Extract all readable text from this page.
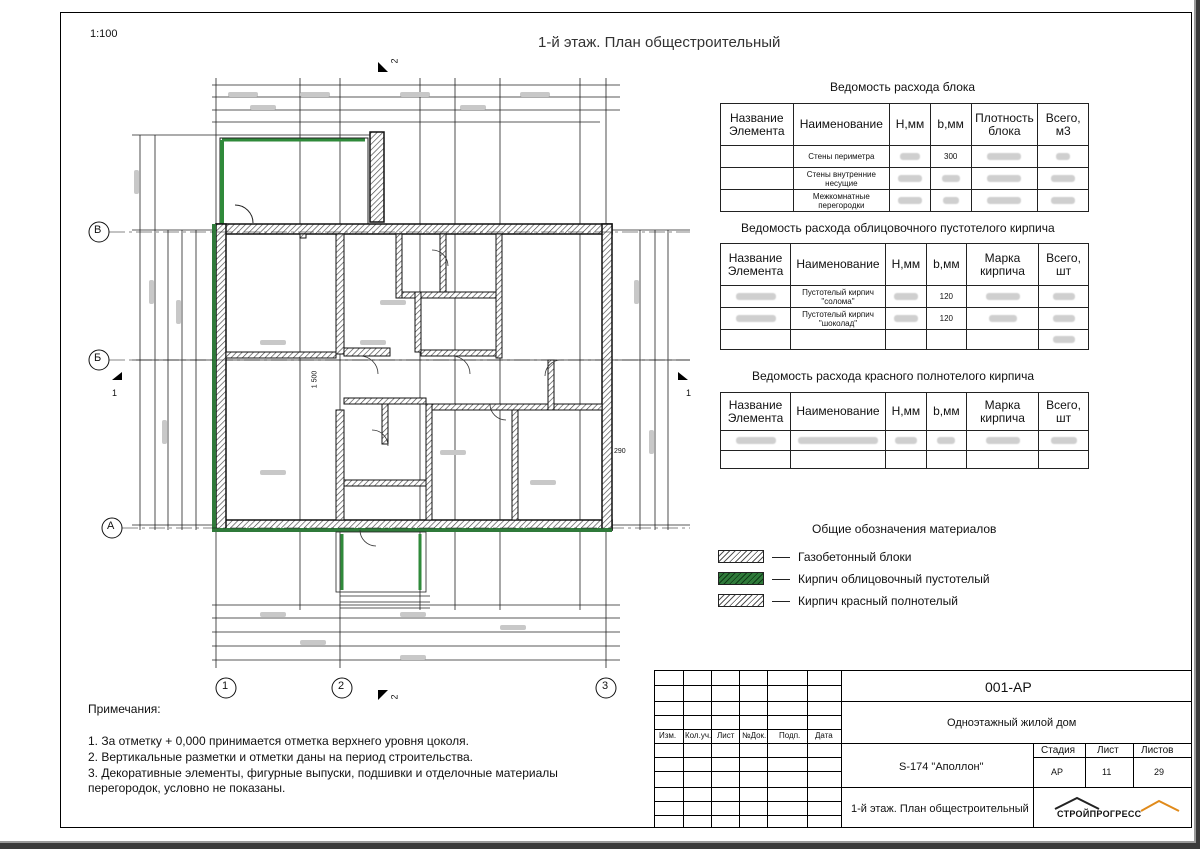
1:100	1-й этаж. План общестроительный
В
Б
А
1	2	3
1	1
2
2
1 500
290
Ведомость расхода блока
Название Элемента	Наименование	H,мм	b,мм	Плотность блока	Всего, м3
	Стены периметра		300		
	Стены внутренние несущие				
	Межкомнатные перегородки				
Ведомость расхода облицовочного пустотелого кирпича
Название Элемента	Наименование	H,мм	b,мм	Марка кирпича	Всего, шт
	Пустотелый кирпич "солома"		120		
	Пустотелый кирпич "шоколад"		120		

Ведомость расхода красного полнотелого кирпича
Название Элемента	Наименование	H,мм	b,мм	Марка кирпича	Всего, шт

Общие обозначения материалов
Газобетонный блоки
Кирпич облицовочный пустотелый
Кирпич красный полнотелый
Примечания:
1. За отметку + 0,000 принимается отметка верхнего уровня цоколя.
2. Вертикальные разметки и отметки даны на период строительства.
3. Декоративные элементы, фигурные выпуски, подшивки и отделочные материалы
перегородок, условно не показаны.
Изм. Кол.уч. Лист №Док. Подп. Дата
001-АР
Одноэтажный жилой дом
S-174 "Аполлон"
Стадия Лист Листов
АР	11	29
1-й этаж. План общестроительный	СТРОЙПРОГРЕСС
